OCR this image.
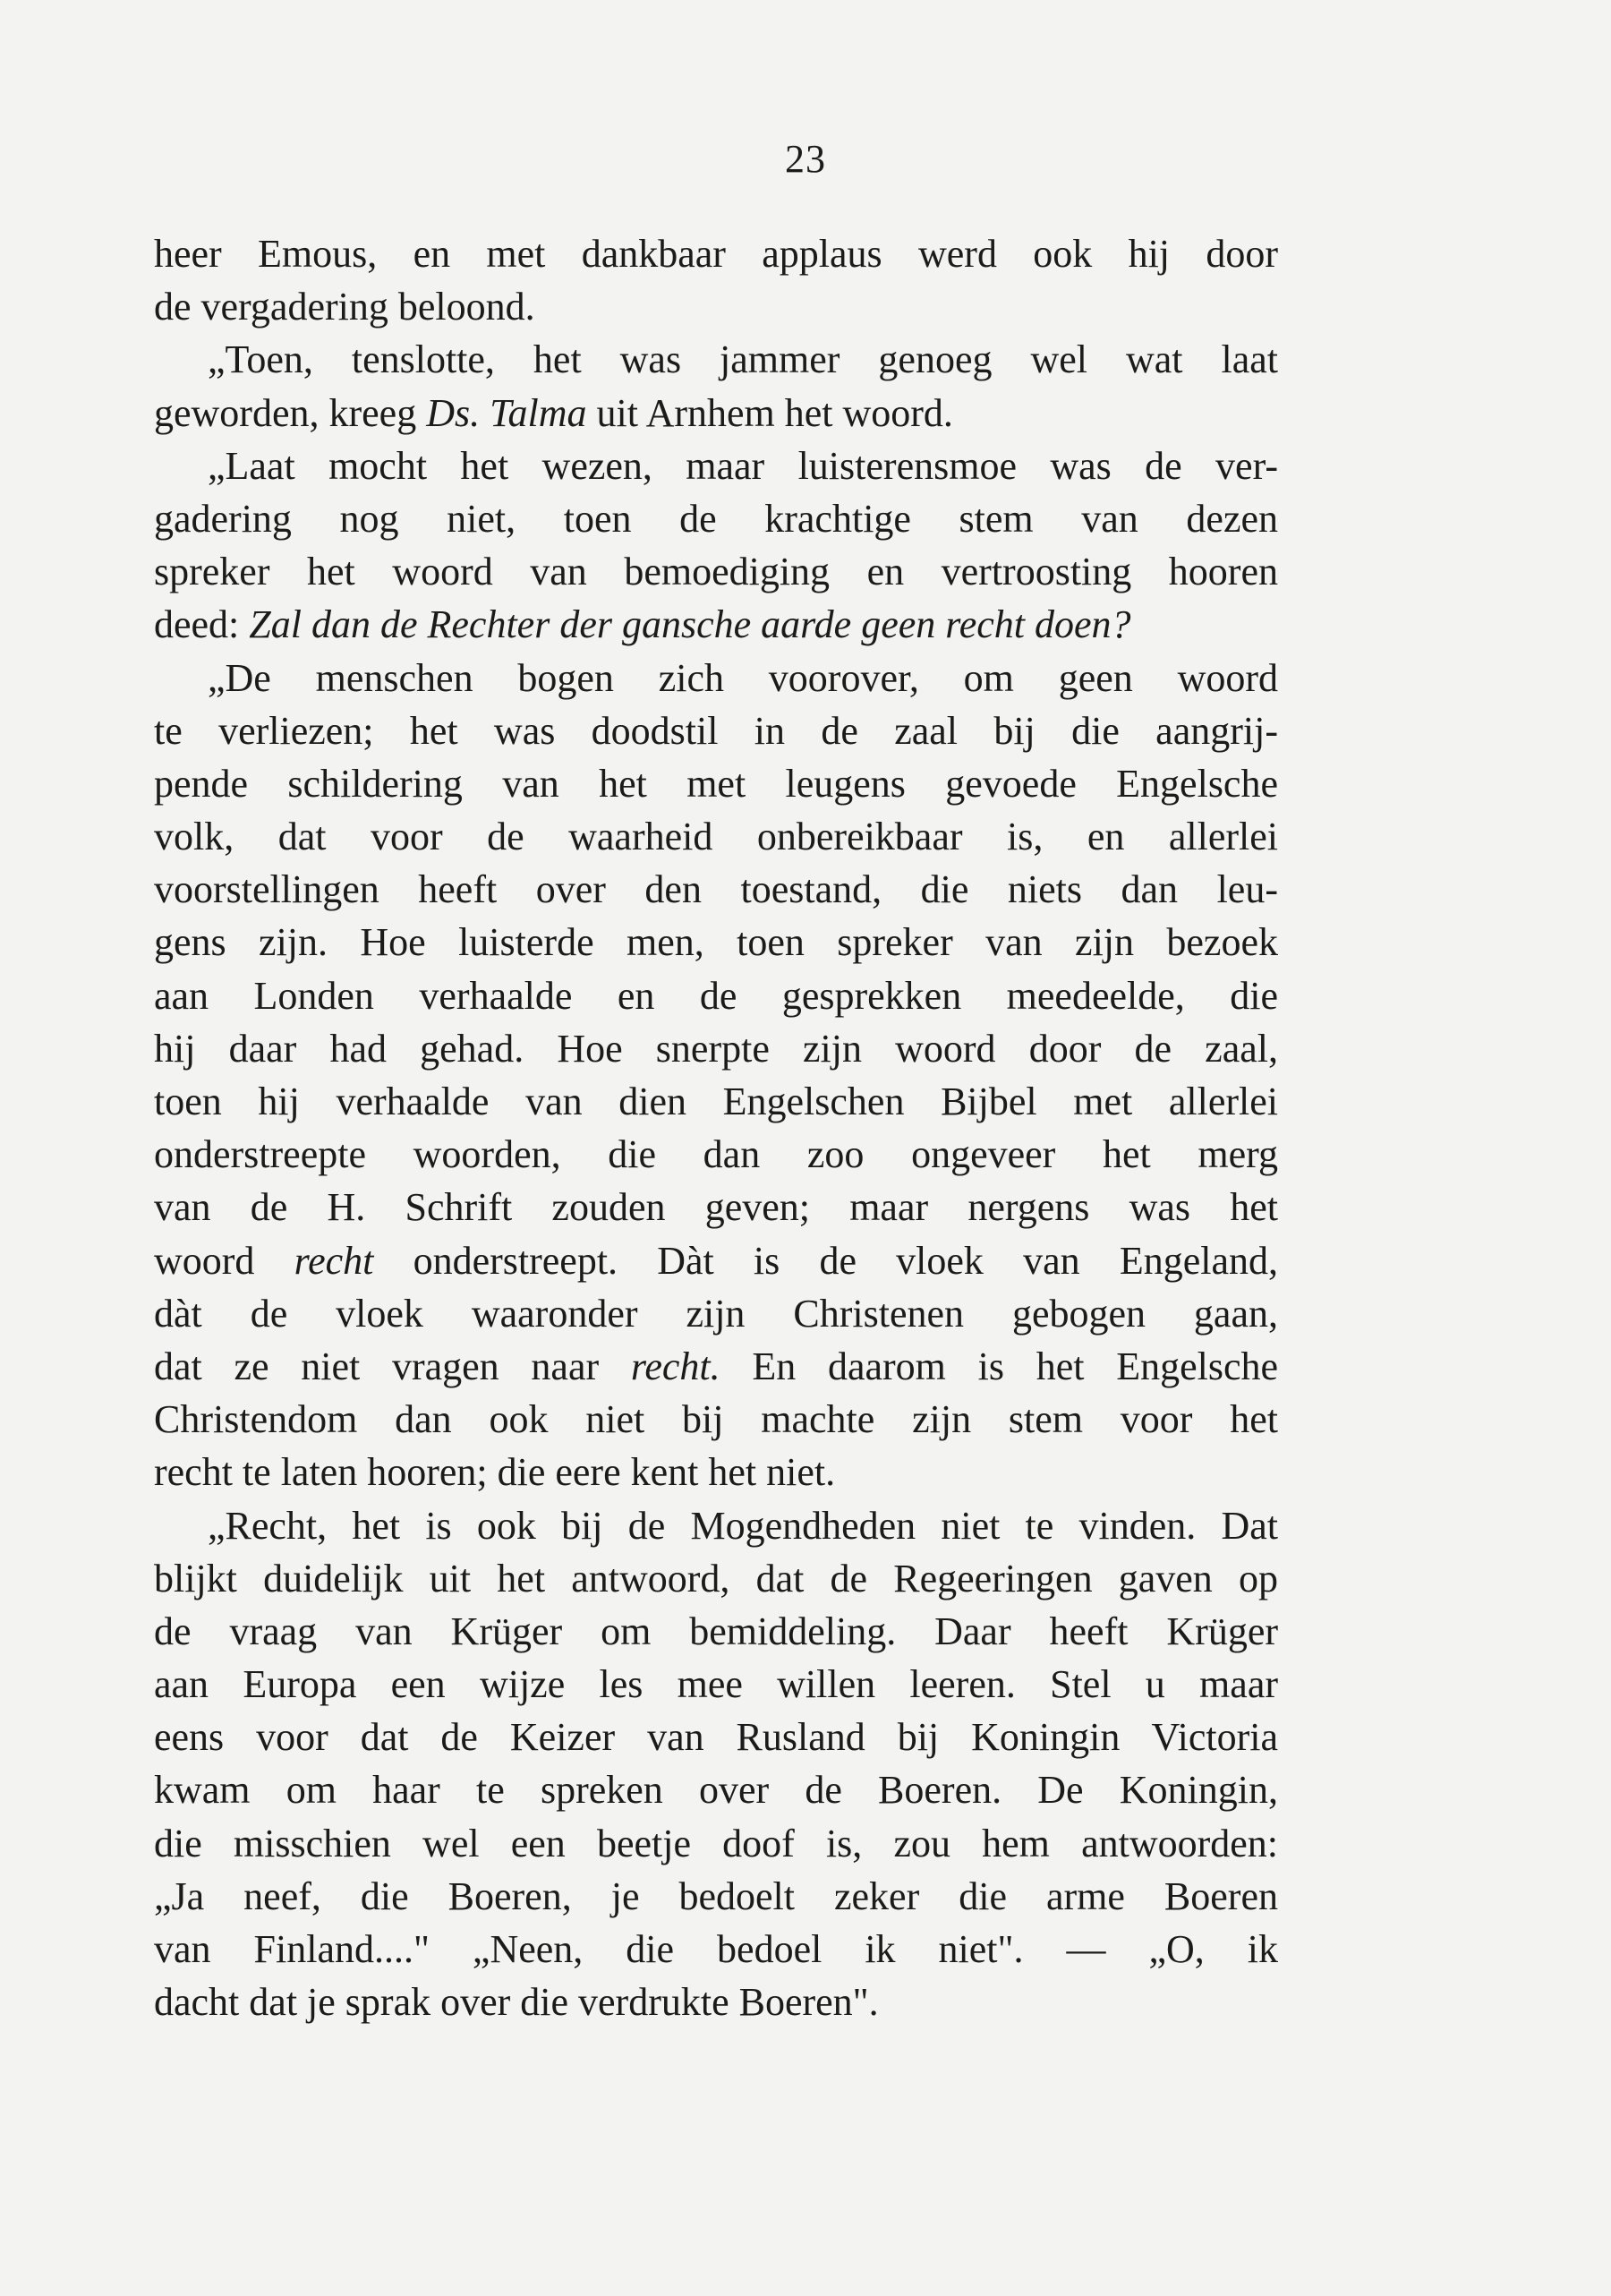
23
heer Emous, en met dankbaar applaus werd ook hij door
de vergadering beloond.
„Toen, tenslotte, het was jammer genoeg wel wat laat
geworden, kreeg Ds. Talma uit Arnhem het woord.
„Laat mocht het wezen, maar luisterensmoe was de ver-
gadering nog niet, toen de krachtige stem van dezen
spreker het woord van bemoediging en vertroosting hooren
deed: Zal dan de Rechter der gansche aarde geen recht doen?
„De menschen bogen zich voorover, om geen woord
te verliezen; het was doodstil in de zaal bij die aangrij-
pende schildering van het met leugens gevoede Engelsche
volk, dat voor de waarheid onbereikbaar is, en allerlei
voorstellingen heeft over den toestand, die niets dan leu-
gens zijn. Hoe luisterde men, toen spreker van zijn bezoek
aan Londen verhaalde en de gesprekken meedeelde, die
hij daar had gehad. Hoe snerpte zijn woord door de zaal,
toen hij verhaalde van dien Engelschen Bijbel met allerlei
onderstreepte woorden, die dan zoo ongeveer het merg
van de H. Schrift zouden geven; maar nergens was het
woord recht onderstreept. Dàt is de vloek van Engeland,
dàt de vloek waaronder zijn Christenen gebogen gaan,
dat ze niet vragen naar recht. En daarom is het Engelsche
Christendom dan ook niet bij machte zijn stem voor het
recht te laten hooren; die eere kent het niet.
„Recht, het is ook bij de Mogendheden niet te vinden. Dat
blijkt duidelijk uit het antwoord, dat de Regeeringen gaven op
de vraag van Krüger om bemiddeling. Daar heeft Krüger
aan Europa een wijze les mee willen leeren. Stel u maar
eens voor dat de Keizer van Rusland bij Koningin Victoria
kwam om haar te spreken over de Boeren. De Koningin,
die misschien wel een beetje doof is, zou hem antwoorden:
„Ja neef, die Boeren, je bedoelt zeker die arme Boeren
van Finland...." „Neen, die bedoel ik niet". — „O, ik
dacht dat je sprak over die verdrukte Boeren".
